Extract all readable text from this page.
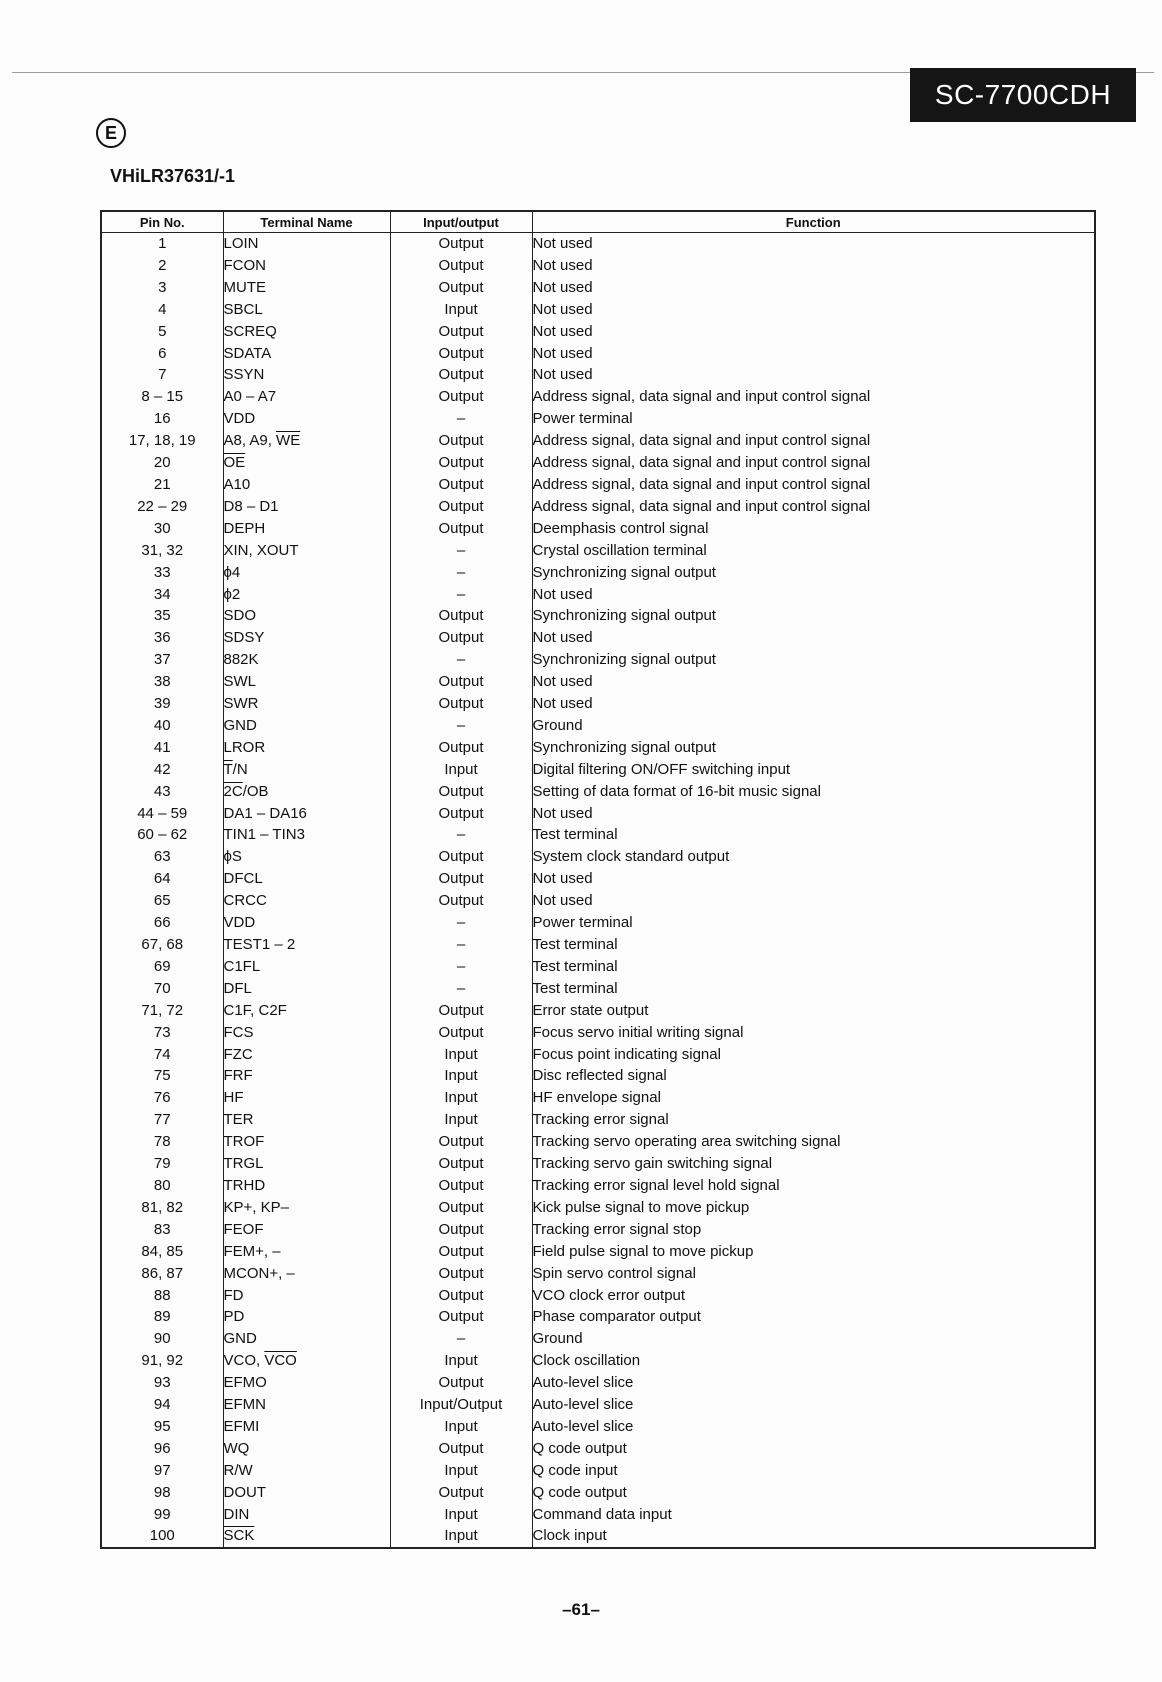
SC-7700CDH
E
VHiLR37631/-1
Pin No.	Terminal Name	Input/output	Function
1	LOIN	Output	Not used
2	FCON	Output	Not used
3	MUTE	Output	Not used
4	SBCL	Input	Not used
5	SCREQ	Output	Not used
6	SDATA	Output	Not used
7	SSYN	Output	Not used
8 – 15	A0 – A7	Output	Address signal, data signal and input control signal
16	VDD	–	Power terminal
17, 18, 19	A8, A9, $\overline{WE}$	Output	Address signal, data signal and input control signal
20	$\overline{OE}$	Output	Address signal, data signal and input control signal
21	A10	Output	Address signal, data signal and input control signal
22 – 29	D8 – D1	Output	Address signal, data signal and input control signal
30	DEPH	Output	Deemphasis control signal
31, 32	XIN, XOUT	–	Crystal oscillation terminal
33	ϕ4	–	Synchronizing signal output
34	ϕ2	–	Not used
35	SDO	Output	Synchronizing signal output
36	SDSY	Output	Not used
37	882K	–	Synchronizing signal output
38	SWL	Output	Not used
39	SWR	Output	Not used
40	GND	–	Ground
41	LROR	Output	Synchronizing signal output
42	$\overline{T}/N$	Input	Digital filtering ON/OFF switching input
43	2C/OB	Output	Setting of data format of 16-bit music signal
44 – 59	DA1 – DA16	Output	Not used
60 – 62	TIN1 – TIN3	–	Test terminal
63	ϕS	Output	System clock standard output
64	DFCL	Output	Not used
65	CRCC	Output	Not used
66	VDD	–	Power terminal
67, 68	TEST1 – 2	–	Test terminal
69	C1FL	–	Test terminal
70	DFL	–	Test terminal
71, 72	C1F, C2F	Output	Error state output
73	FCS	Output	Focus servo initial writing signal
74	FZC	Input	Focus point indicating signal
75	FRF	Input	Disc reflected signal
76	HF	Input	HF envelope signal
77	TER	Input	Tracking error signal
78	TROF	Output	Tracking servo operating area switching signal
79	TRGL	Output	Tracking servo gain switching signal
80	TRHD	Output	Tracking error signal level hold signal
81, 82	KP+, KP–	Output	Kick pulse signal to move pickup
83	FEOF	Output	Tracking error signal stop
84, 85	FEM+, –	Output	Field pulse signal to move pickup
86, 87	MCON+, –	Output	Spin servo control signal
88	FD	Output	VCO clock error output
89	PD	Output	Phase comparator output
90	GND	–	Ground
91, 92	VCO, $\overline{VCO}$	Input	Clock oscillation
93	EFMO	Output	Auto-level slice
94	EFMN	Input/Output	Auto-level slice
95	EFMI	Input	Auto-level slice
96	WQ	Output	Q code output
97	R/W	Input	Q code input
98	DOUT	Output	Q code output
99	DIN	Input	Command data input
100	$\overline{SCK}$	Input	Clock input
–61–
